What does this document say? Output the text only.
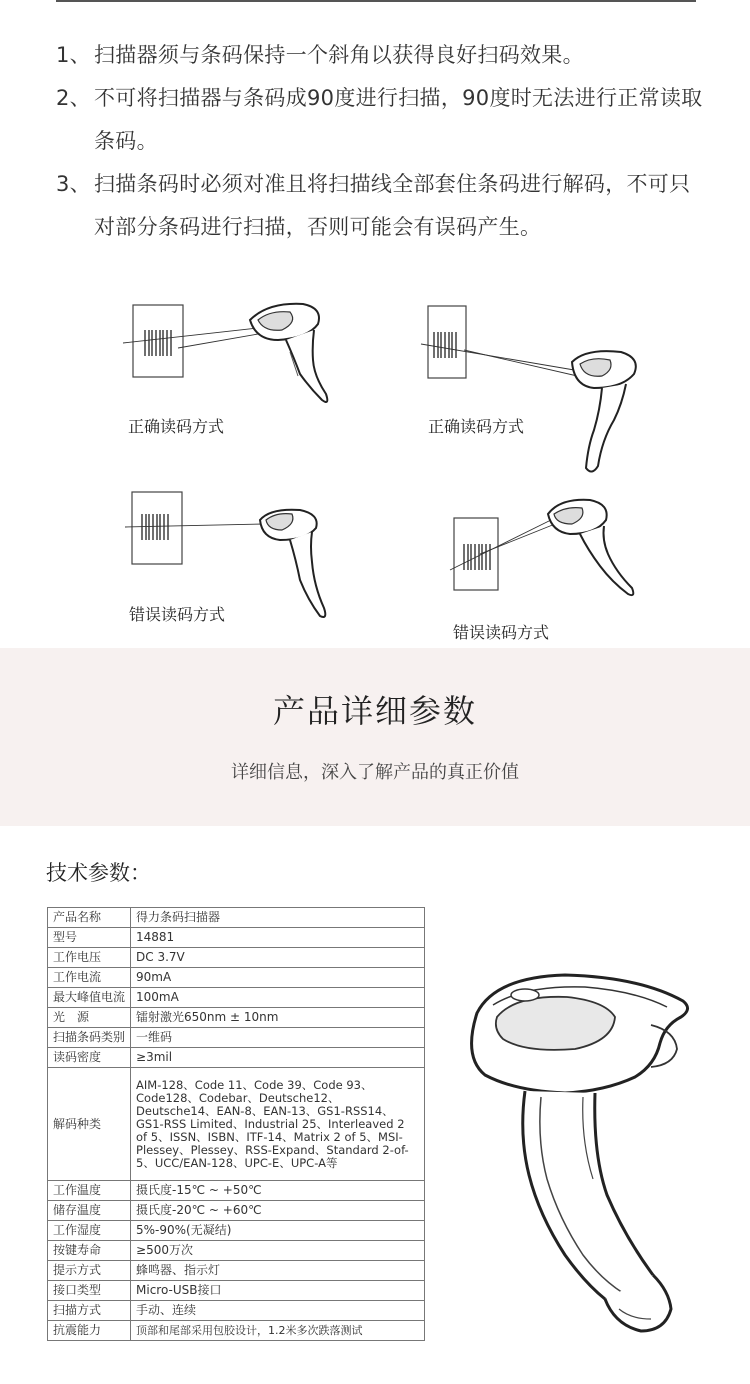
1、 扫描器须与条码保持一个斜角以获得良好扫码效果。
2、 不可将扫描器与条码成90度进行扫描，90度时无法进行正常读取条码。
3、 扫描条码时必须对准且将扫描线全部套住条码进行解码，不可只对部分条码进行扫描，否则可能会有误码产生。
正确读码方式	正确读码方式
错误读码方式
错误读码方式
产品详细参数
详细信息，深入了解产品的真正价值
技术参数：
产品名称	得力条码扫描器
型号	14881
工作电压	DC 3.7V
工作电流	90mA
最大峰值电流	100mA
光　源	镭射激光650nm ± 10nm
扫描条码类别	一维码
读码密度	≥3mil
解码种类	AIM-128、Code 11、Code 39、Code 93、Code128、Codebar、Deutsche12、Deutsche14、EAN-8、EAN-13、GS1-RSS14、GS1-RSS Limited、Industrial 25、Interleaved 2 of 5、ISSN、ISBN、ITF-14、Matrix 2 of 5、MSI-Plessey、Plessey、RSS-Expand、Standard 2-of-5、UCC/EAN-128、UPC-E、UPC-A等
工作温度	摄氏度-15℃ ~ +50℃
储存温度	摄氏度-20℃ ~ +60℃
工作湿度	5%-90%(无凝结)
按键寿命	≥500万次
提示方式	蜂鸣器、指示灯
接口类型	Micro-USB接口
扫描方式	手动、连续
抗震能力	顶部和尾部采用包胶设计，1.2米多次跌落测试
